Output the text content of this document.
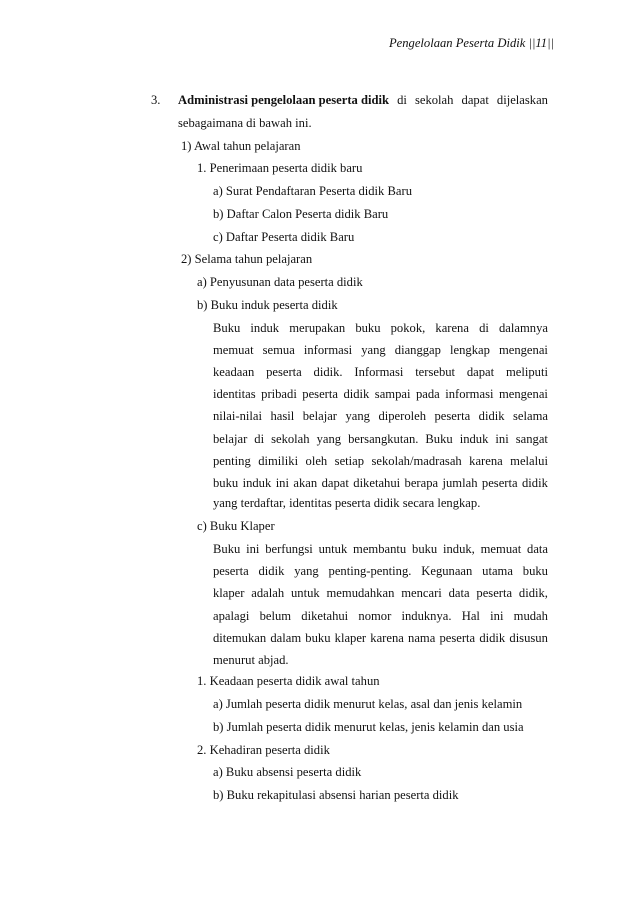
Pengelolaan Peserta Didik ||11||
3. Administrasi pengelolaan peserta didik di sekolah dapat dijelaskan
sebagaimana di bawah ini.
1) Awal tahun pelajaran
1. Penerimaan peserta didik baru
a) Surat Pendaftaran Peserta didik Baru
b) Daftar Calon Peserta didik Baru
c) Daftar Peserta didik Baru
2) Selama tahun pelajaran
a) Penyusunan data peserta didik
b) Buku induk peserta didik
Buku induk merupakan buku pokok, karena di dalamnya
memuat semua informasi yang dianggap lengkap mengenai
keadaan peserta didik. Informasi tersebut dapat meliputi
identitas pribadi peserta didik sampai pada informasi mengenai
nilai-nilai hasil belajar yang diperoleh peserta didik selama
belajar di sekolah yang bersangkutan. Buku induk ini sangat
penting dimiliki oleh setiap sekolah/madrasah karena melalui
buku induk ini akan dapat diketahui berapa jumlah peserta didik
yang terdaftar, identitas peserta didik secara lengkap.
c) Buku Klaper
Buku ini berfungsi untuk membantu buku induk, memuat data
peserta didik yang penting-penting. Kegunaan utama buku
klaper adalah untuk memudahkan mencari data peserta didik,
apalagi belum diketahui nomor induknya. Hal ini mudah
ditemukan dalam buku klaper karena nama peserta didik disusun
menurut abjad.
1. Keadaan peserta didik awal tahun
a) Jumlah peserta didik menurut kelas, asal dan jenis kelamin
b) Jumlah peserta didik menurut kelas, jenis kelamin dan usia
2. Kehadiran peserta didik
a) Buku absensi peserta didik
b) Buku rekapitulasi absensi harian peserta didik
